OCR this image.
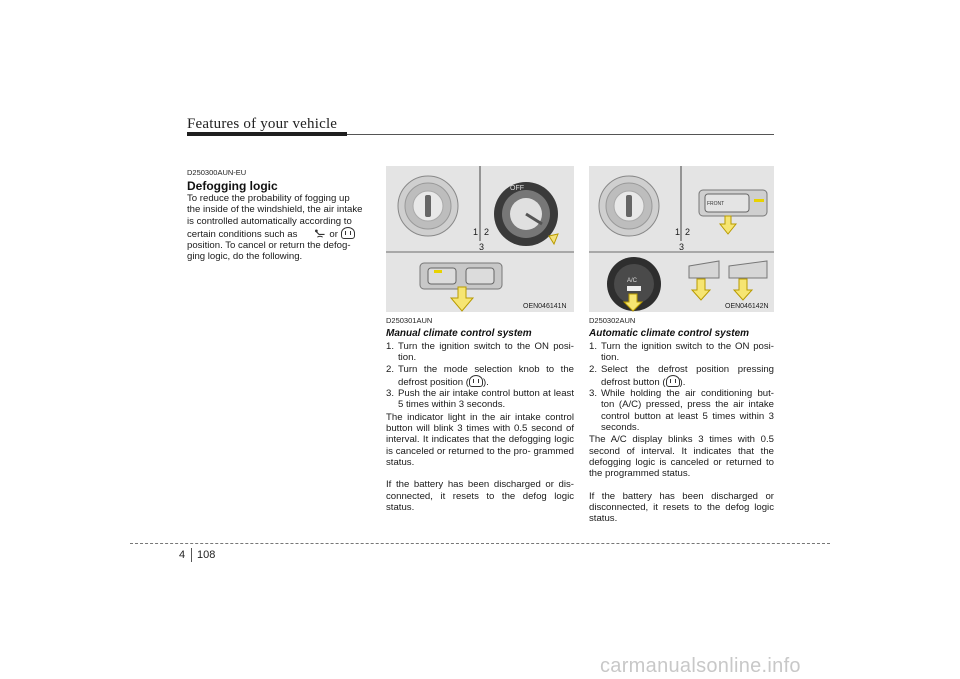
Features of your vehicle
D250300AUN-EU
Defogging logic
To reduce the probability of fogging up
the inside of the windshield, the air intake
is controlled automatically according to
certain conditions such as	or
position. To cancel or return the defog-
ging logic, do the following.
OFF
1 2
3
OEN046141N
A/C
FRONT
1 2
3
OEN046142N
D250301AUN
Manual climate control system
1. Turn the ignition switch to the ON posi- tion.
2. Turn the mode selection knob to the defrost position ( ).
3. Push the air intake control button at least 5 times within 3 seconds.
The indicator light in the air intake control button will blink 3 times with 0.5 second of interval. It indicates that the defogging logic is canceled or returned to the pro- grammed status.
If the battery has been discharged or dis- connected, it resets to the defog logic status.
D250302AUN
Automatic climate control system
1. Turn the ignition switch to the ON posi- tion.
2. Select the defrost position pressing defrost button ( ).
3. While holding the air conditioning but- ton (A/C) pressed, press the air intake control button at least 5 times within 3 seconds.
The A/C display blinks 3 times with 0.5 second of interval. It indicates that the defogging logic is canceled or returned to the programmed status.
If the battery has been discharged or disconnected, it resets to the defog logic status.
4 108
carmanualsonline.info
